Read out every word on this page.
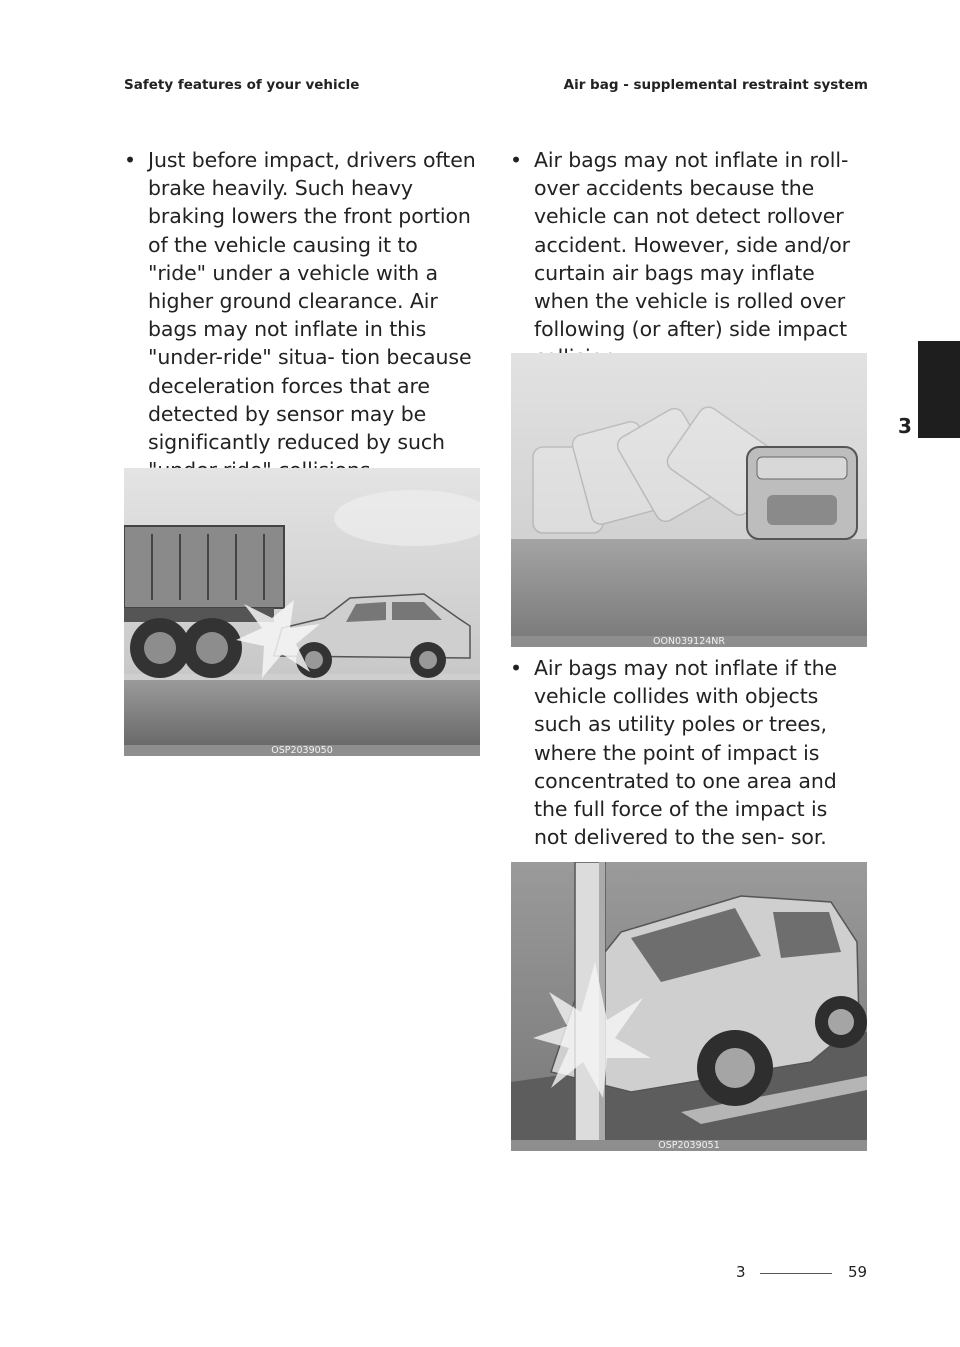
Safety features of your vehicle	Air bag - supplemental restraint system
• Just before impact, drivers often brake heavily. Such heavy braking lowers the front portion of the vehicle causing it to "ride" under a vehicle with a higher ground clearance. Air bags may not inflate in this "under-ride" situa- tion because deceleration forces that are detected by sensor may be significantly reduced by such
OSP2039050
• Air bags may not inflate in roll- over accidents because the vehicle can not detect rollover accident. However, side and/or curtain air bags may inflate when the vehicle is rolled over following (or after) side impact
OON039124NR
• Air bags may not inflate if the vehicle collides with objects such as utility poles or trees, where the point of impact is concentrated to one area and the full force of the impact is not delivered to the sen- sor.
OSP2039051
3
3	59
